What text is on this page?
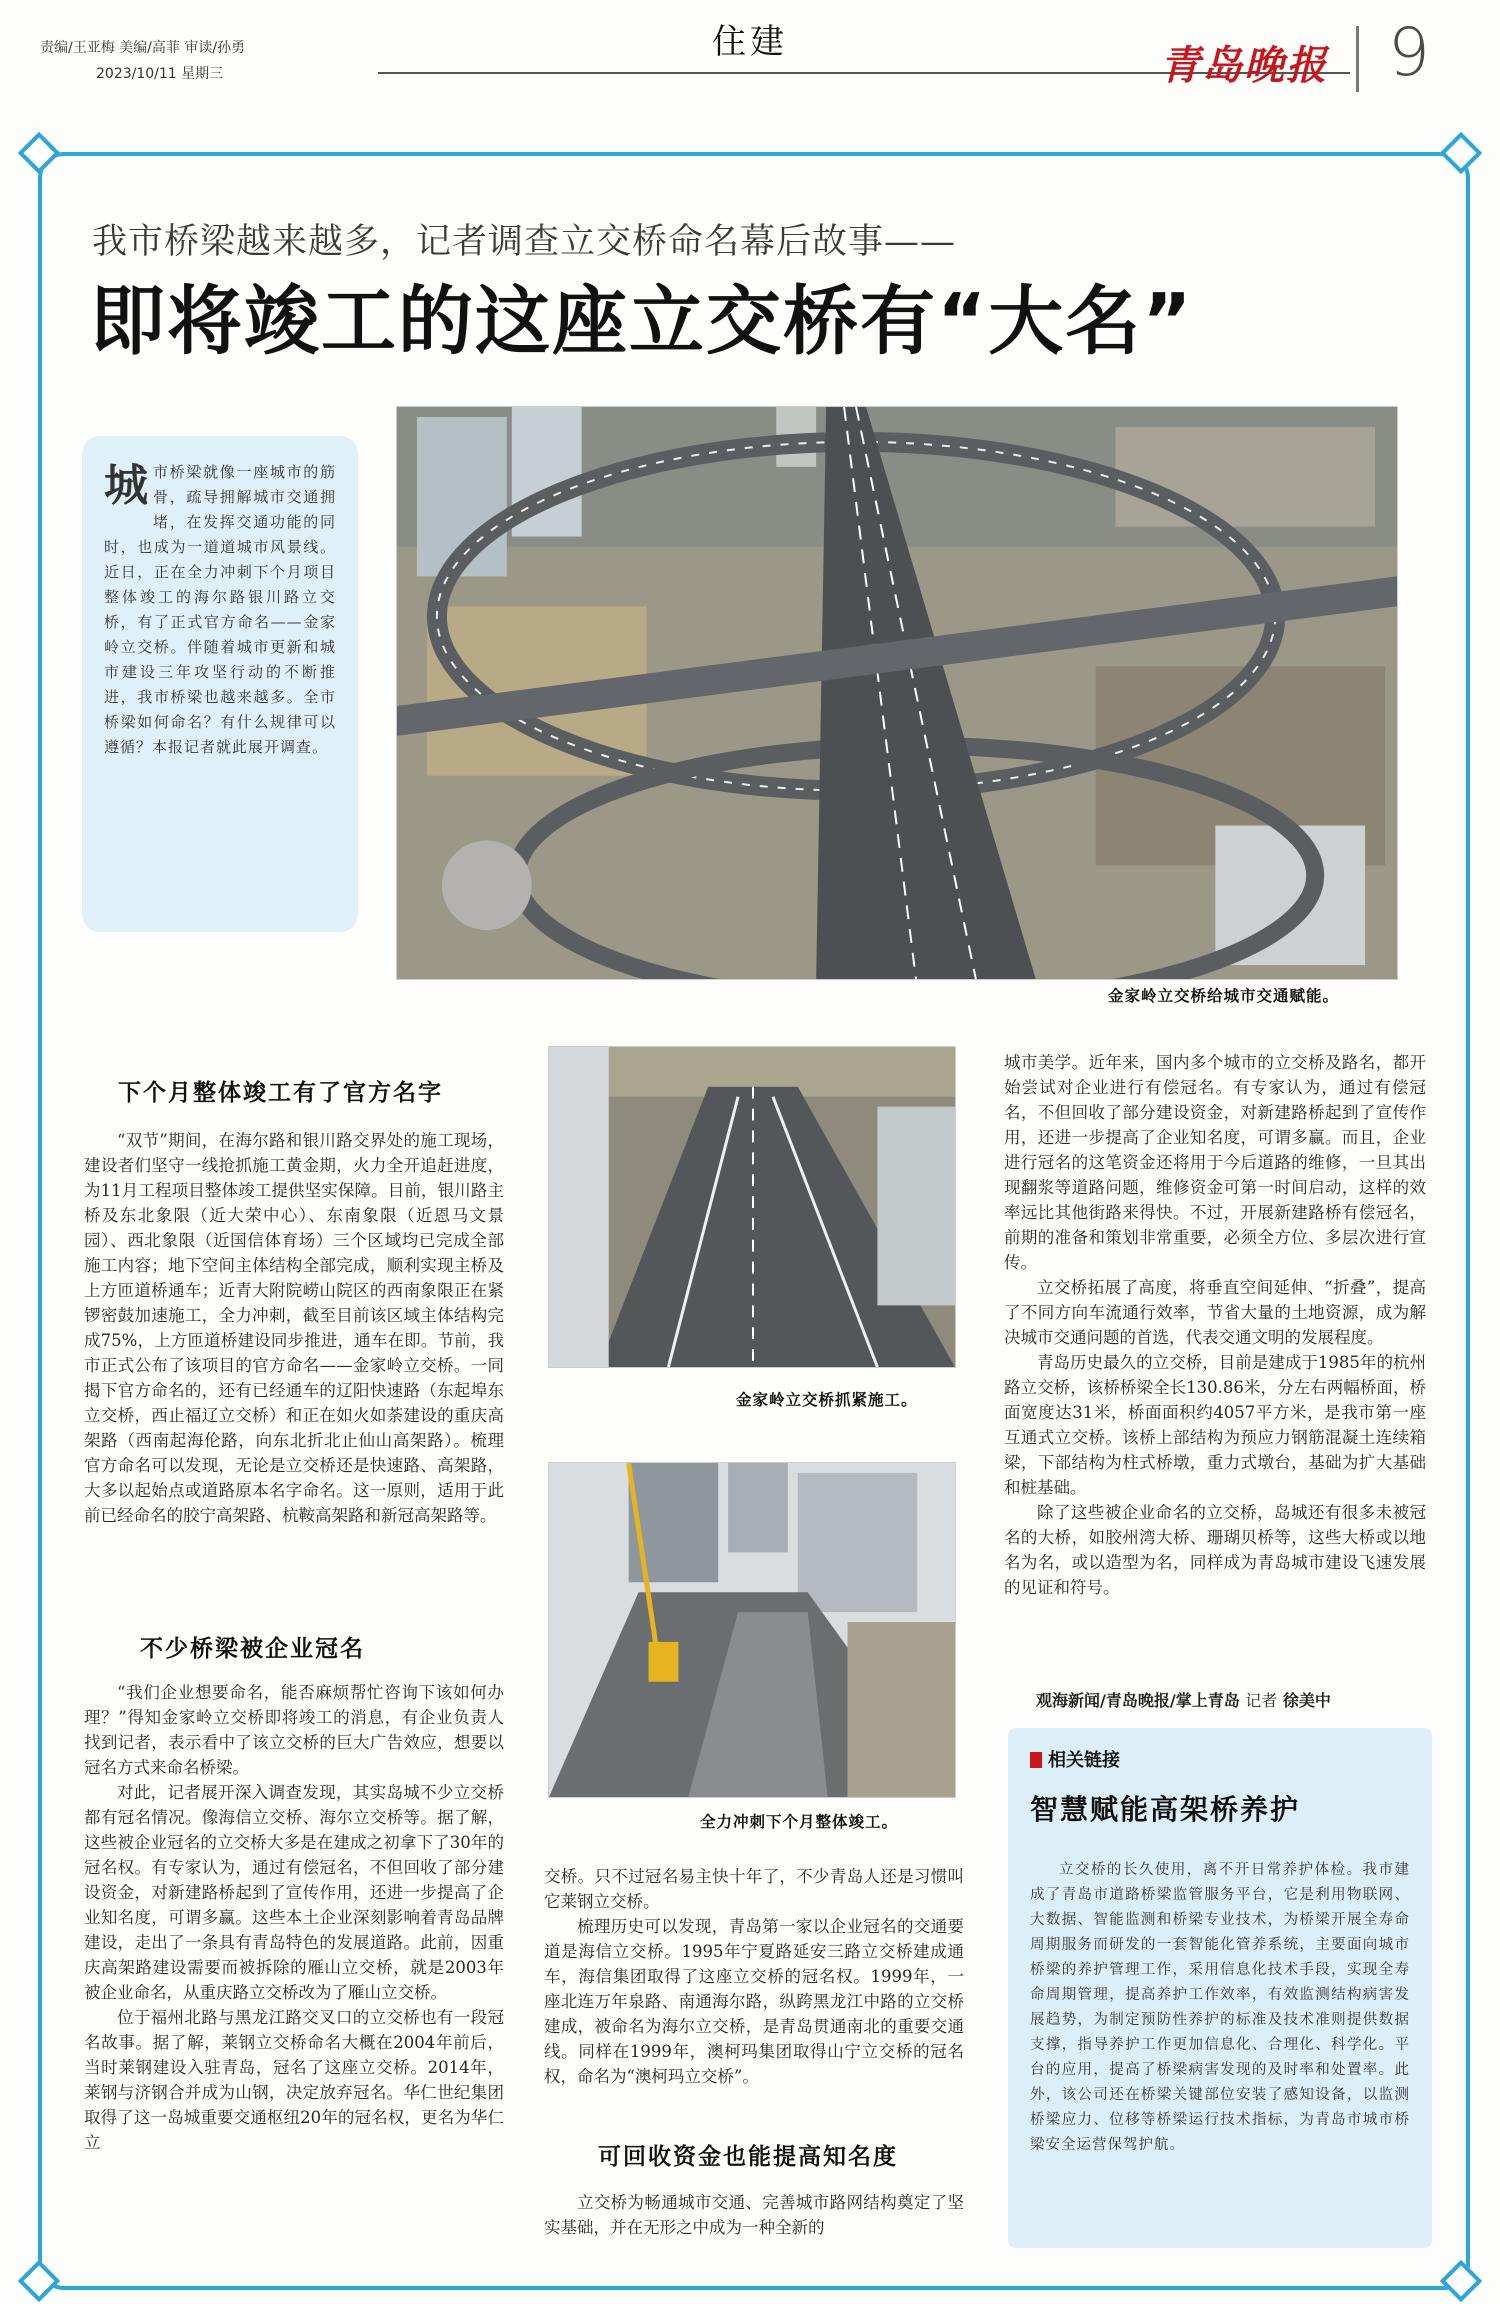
责编/王亚梅 美编/高菲 审读/孙勇
2023/10/11 星期三
住建	青岛晚报 9
我市桥梁越来越多，记者调查立交桥命名幕后故事——
即将竣工的这座立交桥有“大名”
城市桥梁就像一座城市的筋骨，疏导拥解城市交通拥堵，在发挥交通功能的同时，也成为一道道城市风景线。近日，正在全力冲刺下个月项目整体竣工的海尔路银川路立交桥，有了正式官方命名——金家岭立交桥。伴随着城市更新和城市建设三年攻坚行动的不断推进，我市桥梁也越来越多。全市桥梁如何命名？有什么规律可以遵循？本报记者就此展开调查。
金家岭立交桥给城市交通赋能。
下个月整体竣工有了官方名字
“双节”期间，在海尔路和银川路交界处的施工现场，建设者们坚守一线抢抓施工黄金期，火力全开追赶进度，为11月工程项目整体竣工提供坚实保障。目前，银川路主桥及东北象限（近大荣中心）、东南象限（近恩马文景园）、西北象限（近国信体育场）三个区域均已完成全部施工内容；地下空间主体结构全部完成，顺利实现主桥及上方匝道桥通车；近青大附院崂山院区的西南象限正在紧锣密鼓加速施工，全力冲刺，截至目前该区域主体结构完成75%，上方匝道桥建设同步推进，通车在即。节前，我市正式公布了该项目的官方命名——金家岭立交桥。一同揭下官方命名的，还有已经通车的辽阳快速路（东起埠东立交桥，西止福辽立交桥）和正在如火如荼建设的重庆高架路（西南起海伦路，向东北折北止仙山高架路）。梳理官方命名可以发现，无论是立交桥还是快速路、高架路，大多以起始点或道路原本名字命名。这一原则，适用于此前已经命名的胶宁高架路、杭鞍高架路和新冠高架路等。
不少桥梁被企业冠名

“我们企业想要命名，能否麻烦帮忙咨询下该如何办理？”得知金家岭立交桥即将竣工的消息，有企业负责人找到记者，表示看中了该立交桥的巨大广告效应，想要以冠名方式来命名桥梁。

对此，记者展开深入调查发现，其实岛城不少立交桥都有冠名情况。像海信立交桥、海尔立交桥等。据了解，这些被企业冠名的立交桥大多是在建成之初拿下了30年的冠名权。有专家认为，通过有偿冠名，不但回收了部分建设资金，对新建路桥起到了宣传作用，还进一步提高了企业知名度，可谓多赢。这些本土企业深刻影响着青岛品牌建设，走出了一条具有青岛特色的发展道路。此前，因重庆高架路建设需要而被拆除的雁山立交桥，就是2003年被企业命名，从重庆路立交桥改为了雁山立交桥。

位于福州北路与黑龙江路交叉口的立交桥也有一段冠名故事。据了解，莱钢立交桥命名大概在2004年前后，当时莱钢建设入驻青岛，冠名了这座立交桥。2014年，莱钢与济钢合并成为山钢，决定放弃冠名。华仁世纪集团取得了这一岛城重要交通枢纽20年的冠名权，更名为华仁立

金家岭立交桥抓紧施工。
全力冲刺下个月整体竣工。

交桥。只不过冠名易主快十年了，不少青岛人还是习惯叫它莱钢立交桥。

梳理历史可以发现，青岛第一家以企业冠名的交通要道是海信立交桥。1995年宁夏路延安三路立交桥建成通车，海信集团取得了这座立交桥的冠名权。1999年，一座北连万年泉路、南通海尔路，纵跨黑龙江中路的立交桥建成，被命名为海尔立交桥，是青岛贯通南北的重要交通线。同样在1999年，澳柯玛集团取得山宁立交桥的冠名权，命名为“澳柯玛立交桥”。

可回收资金也能提高知名度
立交桥为畅通城市交通、完善城市路网结构奠定了坚实基础，并在无形之中成为一种全新的

城市美学。近年来，国内多个城市的立交桥及路名，都开始尝试对企业进行有偿冠名。有专家认为，通过有偿冠名，不但回收了部分建设资金，对新建路桥起到了宣传作用，还进一步提高了企业知名度，可谓多赢。而且，企业进行冠名的这笔资金还将用于今后道路的维修，一旦其出现翻浆等道路问题，维修资金可第一时间启动，这样的效率远比其他街路来得快。不过，开展新建路桥有偿冠名，前期的准备和策划非常重要，必须全方位、多层次进行宣传。

立交桥拓展了高度，将垂直空间延伸、“折叠”，提高了不同方向车流通行效率，节省大量的土地资源，成为解决城市交通问题的首选，代表交通文明的发展程度。

青岛历史最久的立交桥，目前是建成于1985年的杭州路立交桥，该桥桥梁全长130.86米，分左右两幅桥面，桥面宽度达31米，桥面面积约4057平方米，是我市第一座互通式立交桥。该桥上部结构为预应力钢筋混凝土连续箱梁，下部结构为柱式桥墩，重力式墩台，基础为扩大基础和桩基础。

除了这些被企业命名的立交桥，岛城还有很多未被冠名的大桥，如胶州湾大桥、珊瑚贝桥等，这些大桥或以地名为名，或以造型为名，同样成为青岛城市建设飞速发展的见证和符号。

观海新闻/青岛晚报/掌上青岛 记者 徐美中
相关链接
智慧赋能高架桥养护

立交桥的长久使用，离不开日常养护体检。我市建成了青岛市道路桥梁监管服务平台，它是利用物联网、大数据、智能监测和桥梁专业技术，为桥梁开展全寿命周期服务而研发的一套智能化管养系统，主要面向城市桥梁的养护管理工作，采用信息化技术手段，实现全寿命周期管理，提高养护工作效率，有效监测结构病害发展趋势，为制定预防性养护的标准及技术准则提供数据支撑，指导养护工作更加信息化、合理化、科学化。平台的应用，提高了桥梁病害发现的及时率和处置率。此外，该公司还在桥梁关键部位安装了感知设备，以监测桥梁应力、位移等桥梁运行技术指标，为青岛市城市桥梁安全运营保驾护航。
